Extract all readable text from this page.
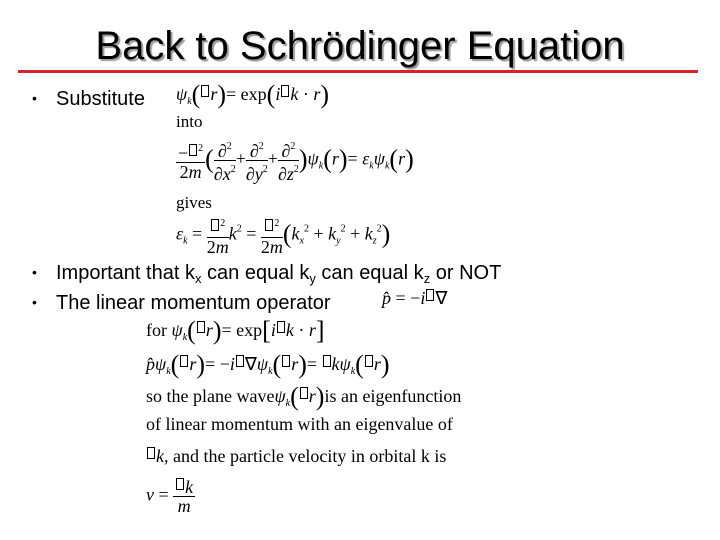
Back to Schrödinger Equation
• Substitute $\psi_k$( r)= exp(i k · r)
into
$\frac{- ^2}{2m}$ ( $\frac{\partial^2}{\partial x^2} + \frac{\partial^2}{\partial y^2} + \frac{\partial^2}{\partial z^2} )\psi_k(r)= \varepsilon_k\psi_k(r)$
gives
$\varepsilon_k = \frac{^2}{2m} k^2 = \frac{^2}{2m} (k_x^2 + k_y^2 + k_z^2)$
• Important that $k_x$ can equal $k_y$ can equal $k_z$ or NOT
• The linear momentum operator	p̂ = −i ∇
for $\psi_k$( r)= exp[i k · r]
$p̂\psi_k$( r)= −i $\nabla\psi_k$( $r)= k\psi_k$( r)
so the plane waveψ$_k$( r)is an eigenfunction
of linear momentum with an eigenvalue of
k, and the particle velocity in orbital k is
$v = \frac{k}{m}$
